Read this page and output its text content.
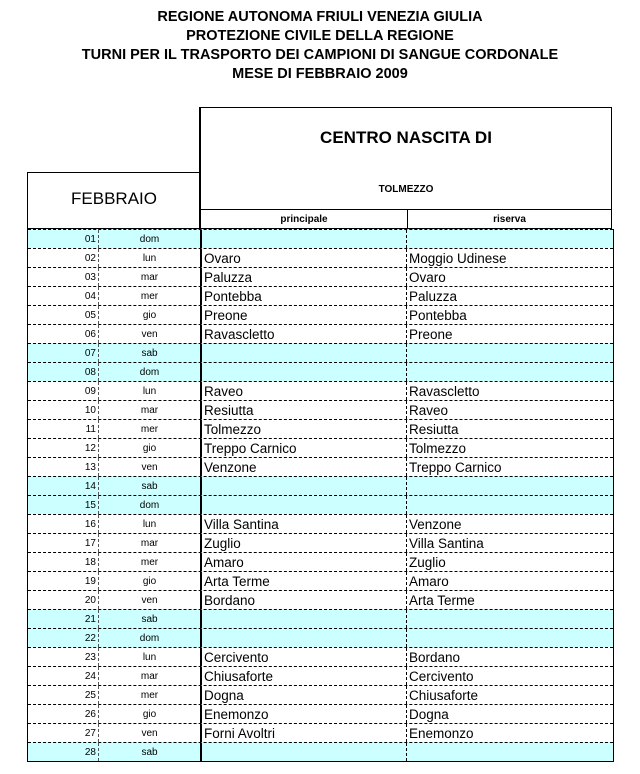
REGIONE AUTONOMA FRIULI VENEZIA GIULIA
PROTEZIONE CIVILE DELLA REGIONE
TURNI PER IL TRASPORTO DEI CAMPIONI DI SANGUE CORDONALE
MESE DI FEBBRAIO 2009
CENTRO NASCITA DI
TOLMEZZO
principale	riserva
FEBBRAIO
01	dom
02	lun	Ovaro	Moggio Udinese
03	mar	Paluzza	Ovaro
04	mer	Pontebba	Paluzza
05	gio	Preone	Pontebba
06	ven	Ravascletto	Preone
07	sab
08	dom
09	lun	Raveo	Ravascletto
10	mar	Resiutta	Raveo
11	mer	Tolmezzo	Resiutta
12	gio	Treppo Carnico	Tolmezzo
13	ven	Venzone	Treppo Carnico
14	sab
15	dom
16	lun	Villa Santina	Venzone
17	mar	Zuglio	Villa Santina
18	mer	Amaro	Zuglio
19	gio	Arta Terme	Amaro
20	ven	Bordano	Arta Terme
21	sab
22	dom
23	lun	Cercivento	Bordano
24	mar	Chiusaforte	Cercivento
25	mer	Dogna	Chiusaforte
26	gio	Enemonzo	Dogna
27	ven	Forni Avoltri	Enemonzo
28	sab
